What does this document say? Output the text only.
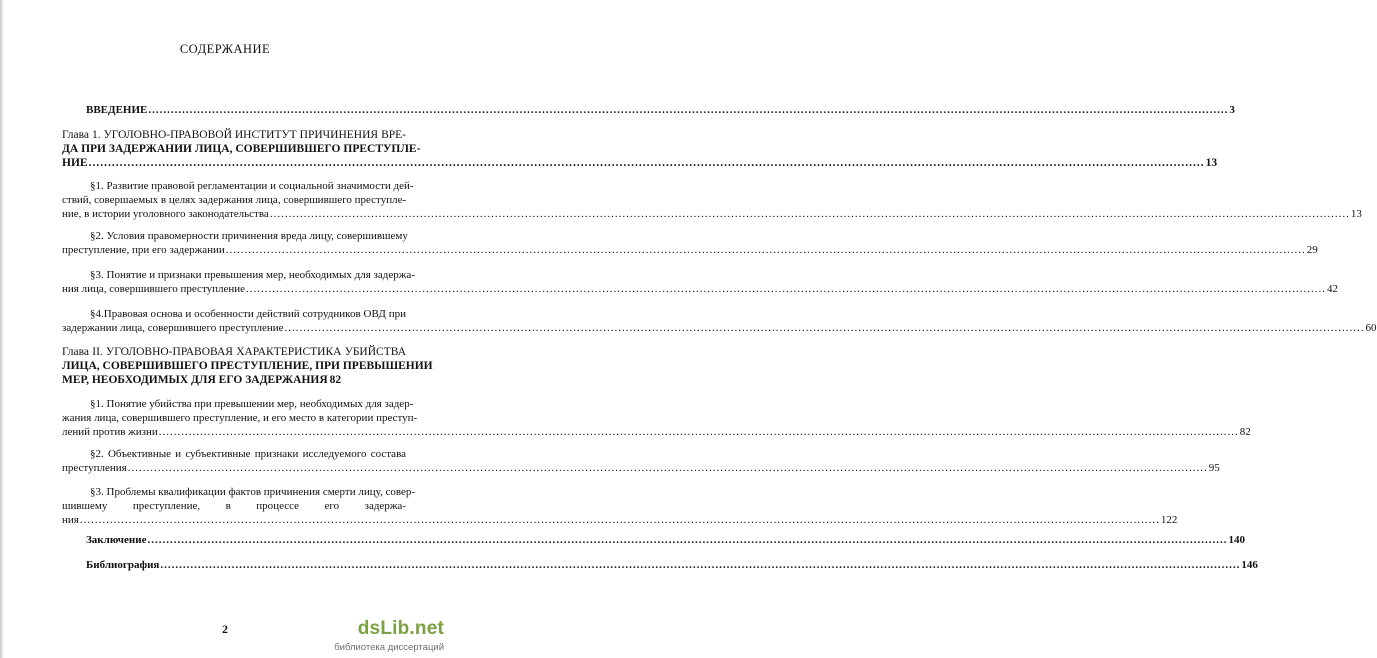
СОДЕРЖАНИЕ
ВВЕДЕНИЕ .....	3
Глава 1. УГОЛОВНО-ПРАВОВОЙ ИНСТИТУТ ПРИЧИНЕНИЯ ВРЕ-
ДА ПРИ ЗАДЕРЖАНИИ ЛИЦА, СОВЕРШИВШЕГО ПРЕСТУПЛЕ-
НИЕ .....	13
§1. Развитие правовой регламентации и социальной значимости дей-
ствий, совершаемых в целях задержания лица, совершившего преступле-
ние, в истории уголовного законодательства .....	13
§2. Условия правомерности причинения вреда лицу, совершившему
преступление, при его задержании .....	29
§3. Понятие и признаки превышения мер, необходимых для задержа-
ния лица, совершившего преступление .....	42
§4.Правовая основа и особенности действий сотрудников ОВД при
задержании лица, совершившего преступление .....	60
Глава II. УГОЛОВНО-ПРАВОВАЯ ХАРАКТЕРИСТИКА УБИЙСТВА
ЛИЦА, СОВЕРШИВШЕГО ПРЕСТУПЛЕНИЕ, ПРИ ПРЕВЫШЕНИИ
МЕР, НЕОБХОДИМЫХ ДЛЯ ЕГО ЗАДЕРЖАНИЯ 82
§1. Понятие убийства при превышении мер, необходимых для задер-
жания лица, совершившего преступление, и его место в категории преступ-
лений против жизни .....	82
§2. Объективные и субъективные признаки исследуемого состава
преступления .....	95
§3. Проблемы квалификации фактов причинения смерти лицу, совер-
шившему преступление, в процессе его задержа-
ния .....	122
Заключение .....	140
Библиография .....	146
2	dsLib.net
библиотека диссертаций
